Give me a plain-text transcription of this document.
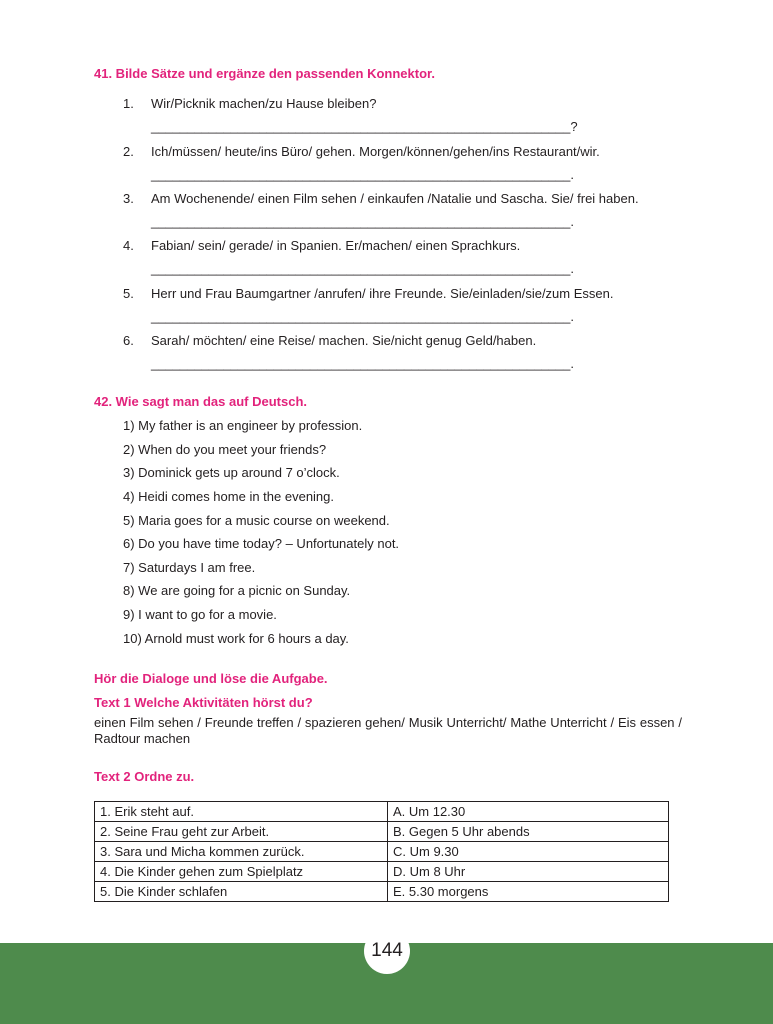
41. Bilde Sätze und ergänze den passenden Konnektor.
1. Wir/Picknik machen/zu Hause bleiben?
__________________________________________________________?
2. Ich/müssen/ heute/ins Büro/ gehen. Morgen/können/gehen/ins Restaurant/wir.
__________________________________________________________.
3. Am Wochenende/ einen Film sehen / einkaufen /Natalie und Sascha. Sie/ frei haben.
__________________________________________________________.
4. Fabian/ sein/ gerade/ in Spanien. Er/machen/ einen Sprachkurs.
__________________________________________________________.
5. Herr und Frau Baumgartner /anrufen/ ihre Freunde. Sie/einladen/sie/zum Essen.
__________________________________________________________.
6. Sarah/ möchten/ eine Reise/ machen. Sie/nicht genug Geld/haben.
__________________________________________________________.
42. Wie sagt man das auf Deutsch.
1) My father is an engineer by profession.
2) When do you meet your friends?
3) Dominick gets up around 7 o’clock.
4) Heidi comes home in the evening.
5) Maria goes for a music course on weekend.
6) Do you have time today? – Unfortunately not.
7) Saturdays I am free.
8) We are going for a picnic on Sunday.
9) I want to go for a movie.
10) Arnold must work for 6 hours a day.
Hör die Dialoge und löse die Aufgabe.
Text 1 Welche Aktivitäten hörst du?
einen Film sehen / Freunde treffen / spazieren gehen/ Musik Unterricht/ Mathe Unterricht / Eis essen / Radtour machen
Text 2 Ordne zu.
1. Erik steht auf.	A. Um 12.30
2. Seine Frau geht zur Arbeit.	B. Gegen 5 Uhr abends
3. Sara und Micha kommen zurück.	C. Um 9.30
4. Die Kinder gehen zum Spielplatz	D. Um 8 Uhr
5. Die Kinder schlafen	E. 5.30 morgens
144
